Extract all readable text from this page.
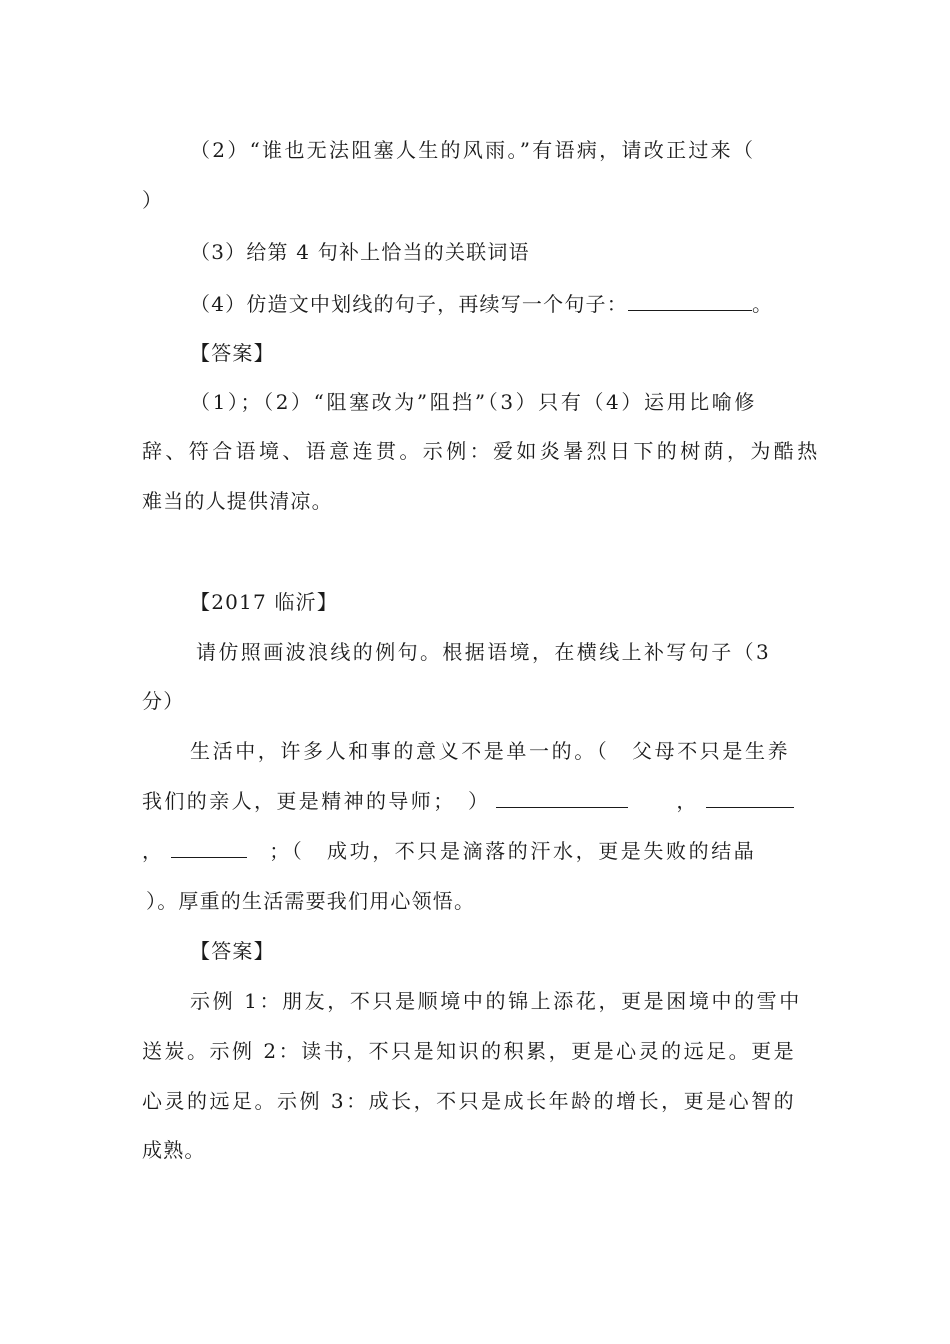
（2）“谁也无法阻塞人生的风雨。”有语病，请改正过来（
）
（3）给第 4 句补上恰当的关联词语
（4）仿造文中划线的句子，再续写一个句子：	。
【答案】
（1）；（2）“阻塞改为”阻挡”（3）只有（4）运用比喻修
辞、符合语境、语意连贯。示例：爱如炎暑烈日下的树荫，为酷热
难当的人提供清凉。
【2017 临沂】
请仿照画波浪线的例句。根据语境，在横线上补写句子（3
分）
生活中，许多人和事的意义不是单一的。（　父母不只是生养
我们的亲人，更是精神的导师；　）	，
，	；（　成功，不只是滴落的汗水，更是失败的结晶
）。厚重的生活需要我们用心领悟。
【答案】
示例 1：朋友，不只是顺境中的锦上添花，更是困境中的雪中
送炭。示例 2：读书，不只是知识的积累，更是心灵的远足。更是
心灵的远足。示例 3：成长，不只是成长年龄的增长，更是心智的
成熟。
